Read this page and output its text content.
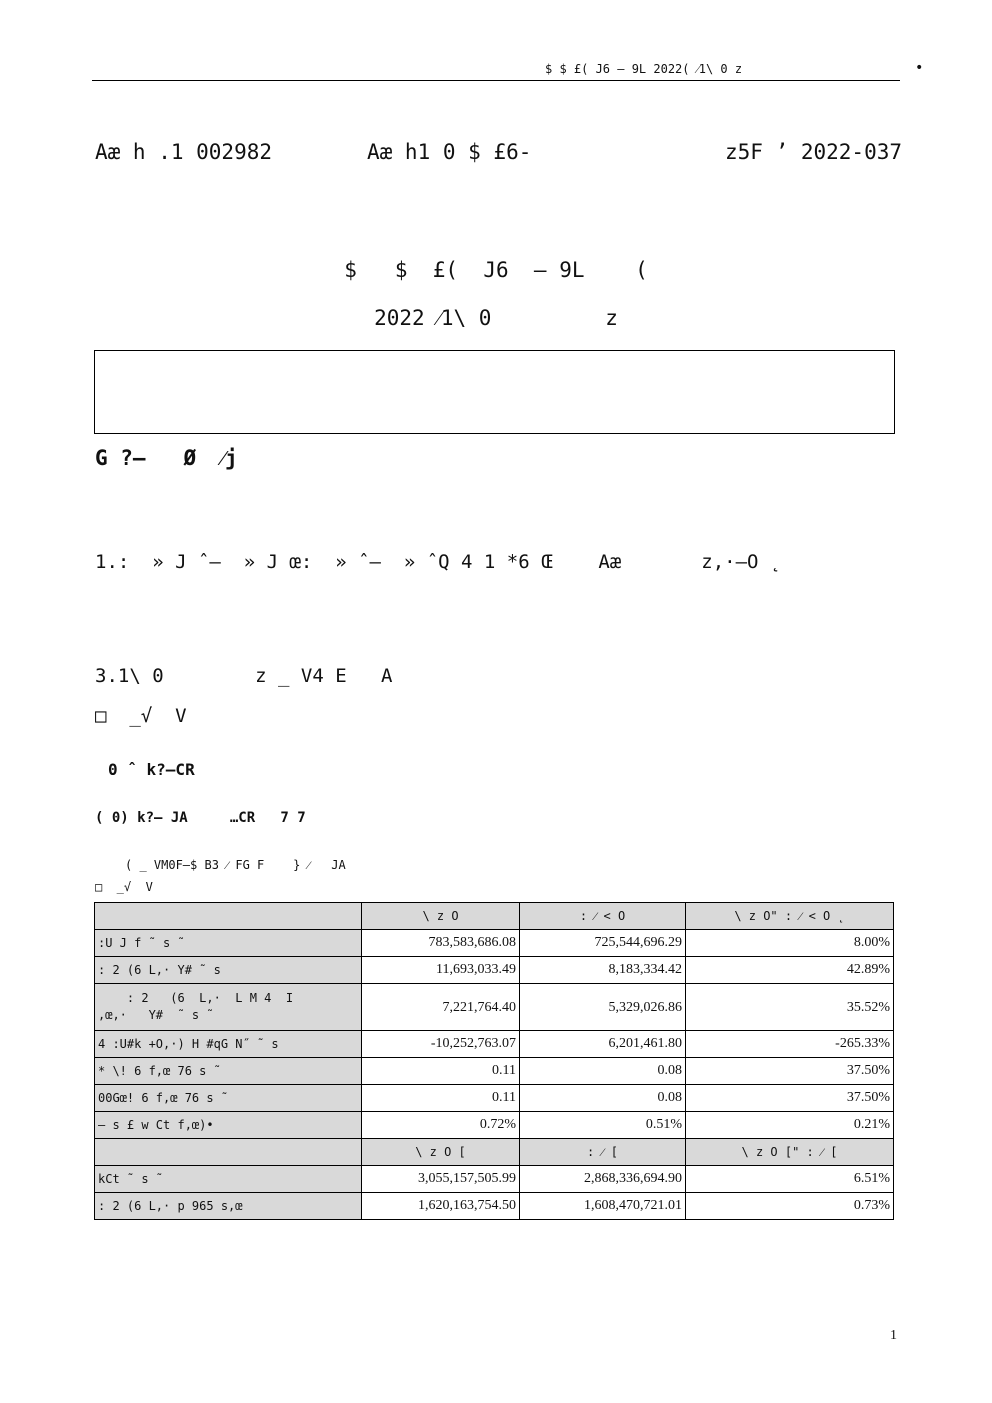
$ $ £( J6 – 9L 2022( ⁄1\ 0 z	•
Aæ h .1 002982	Aæ h1 0 $ £6-	z5F ’ 2022-037
$   $  £(  J6  – 9L    (
2022 ⁄1\ 0         z

G ?–   Ø  ⁄j

1.:  » J ˆ–  » J œ:  » ˆ–  » ˆQ 4 1 *6 Œ    Aæ       z,·–O ˛

3.1\ 0        z _ V4 E   A
□  _√  V
0 ˆ k?–CR
( 0) k?– JA     …CR   7 7
( _ VM0F–$ B3 ⁄ FG F    } ⁄   JA
□  _√  V
	\ z O	: ⁄ < O	\ z O" : ⁄ < O ˛
:U J f ˜ s ˜	783,583,686.08	725,544,696.29	8.00%
: 2 (6 L,· Y# ˜ s	11,693,033.49	8,183,334.42	42.89%
: 2   (6  L,·  L M 4  I
,œ,·   Y#  ˜ s ˜	7,221,764.40	5,329,026.86	35.52%
4 :U#k +O,·) H #qG N˝ ˜ s	-10,252,763.07	6,201,461.80	-265.33%
* \! 6 f,œ 76 s ˜	0.11	0.08	37.50%
00Gœ! 6 f,œ 76 s ˜	0.11	0.08	37.50%
– s £ w Ct f,œ)•	0.72%	0.51%	0.21%
	\ z O [	: ⁄ [	\ z O [" : ⁄ [
kCt ˜ s ˜	3,055,157,505.99	2,868,336,694.90	6.51%
: 2 (6 L,· p 965 s,œ	1,620,163,754.50	1,608,470,721.01	0.73%
1
